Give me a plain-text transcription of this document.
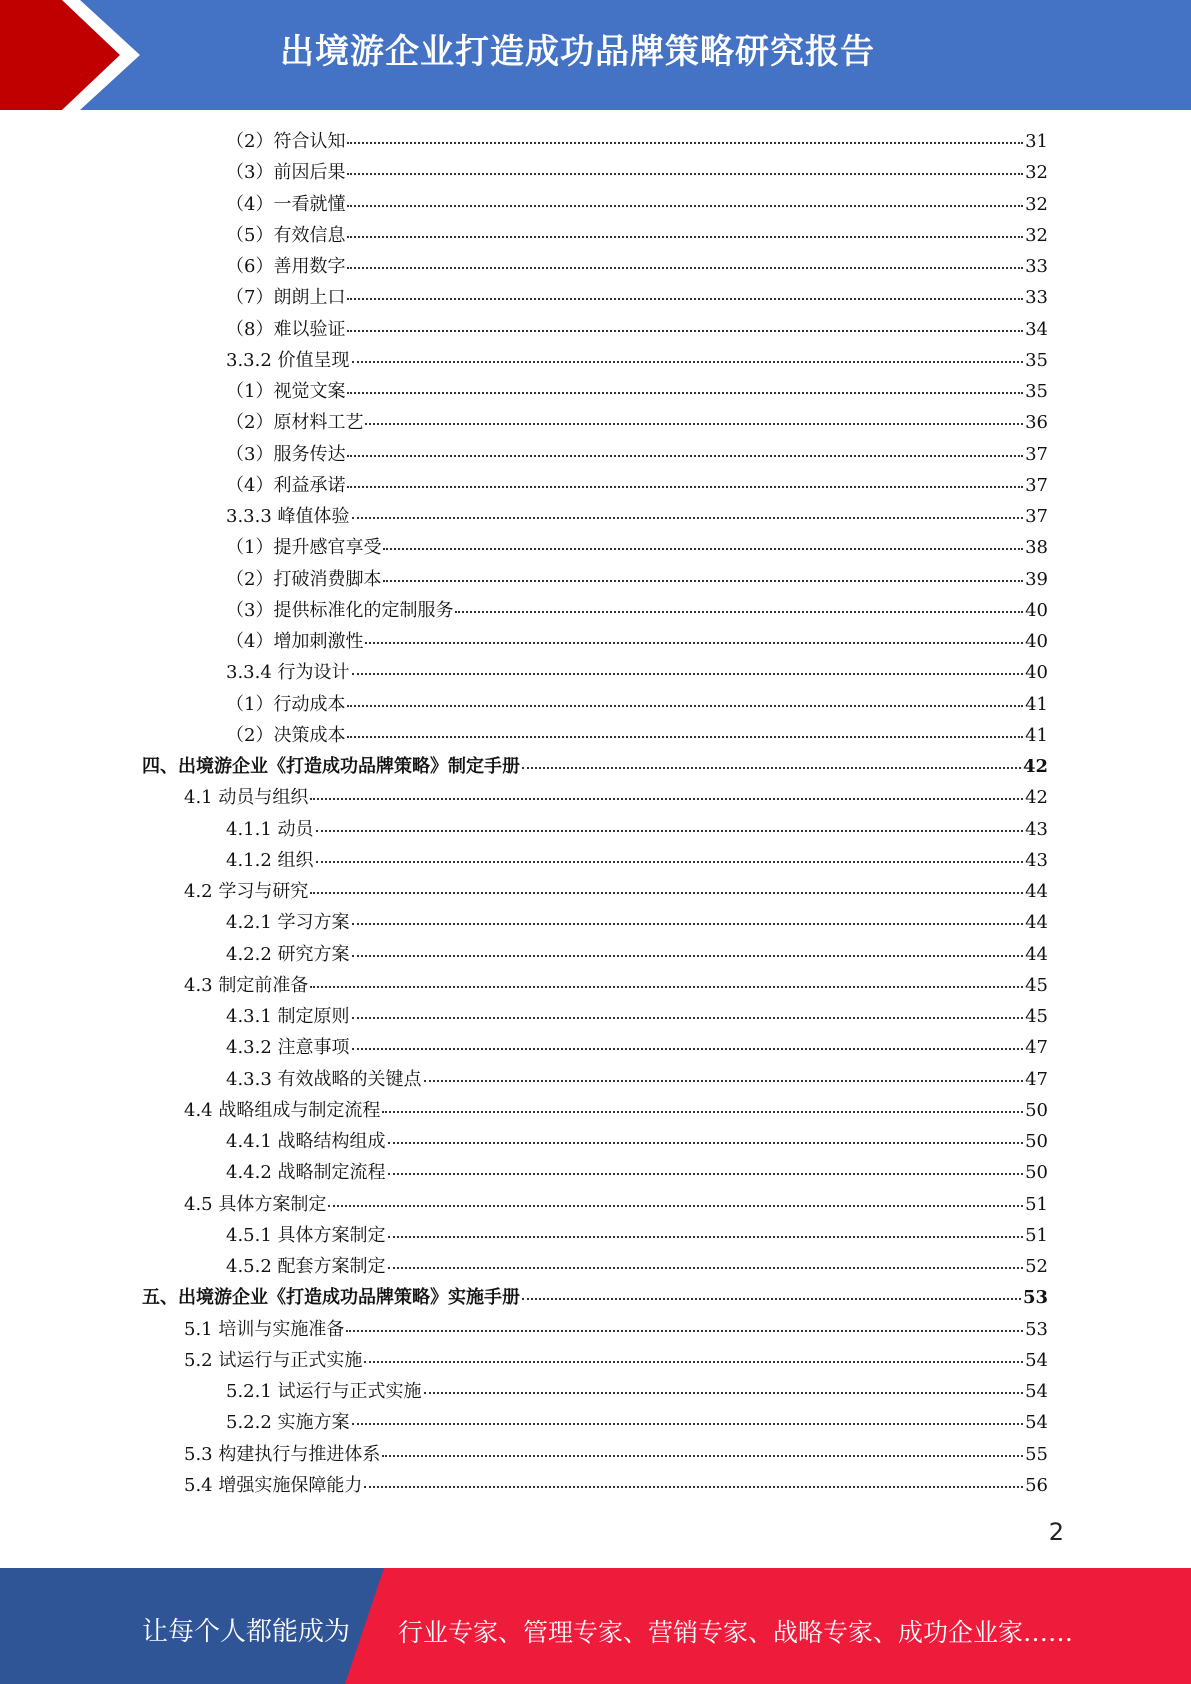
出境游企业打造成功品牌策略研究报告
（2）符合认知	31
（3）前因后果	32
（4）一看就懂	32
（5）有效信息	32
（6）善用数字	33
（7）朗朗上口	33
（8）难以验证	34
3.3.2 价值呈现	35
（1）视觉文案	35
（2）原材料工艺	36
（3）服务传达	37
（4）利益承诺	37
3.3.3 峰值体验	37
（1）提升感官享受	38
（2）打破消费脚本	39
（3）提供标准化的定制服务	40
（4）增加刺激性	40
3.3.4 行为设计	40
（1）行动成本	41
（2）决策成本	41
四、出境游企业《打造成功品牌策略》制定手册	42
4.1 动员与组织	42
4.1.1 动员	43
4.1.2 组织	43
4.2 学习与研究	44
4.2.1 学习方案	44
4.2.2 研究方案	44
4.3 制定前准备	45
4.3.1 制定原则	45
4.3.2 注意事项	47
4.3.3 有效战略的关键点	47
4.4 战略组成与制定流程	50
4.4.1 战略结构组成	50
4.4.2 战略制定流程	50
4.5 具体方案制定	51
4.5.1 具体方案制定	51
4.5.2 配套方案制定	52
五、出境游企业《打造成功品牌策略》实施手册	53
5.1 培训与实施准备	53
5.2 试运行与正式实施	54
5.2.1 试运行与正式实施	54
5.2.2 实施方案	54
5.3 构建执行与推进体系	55
5.4 增强实施保障能力	56
2
让每个人都能成为 行业专家、管理专家、营销专家、战略专家、成功企业家……
